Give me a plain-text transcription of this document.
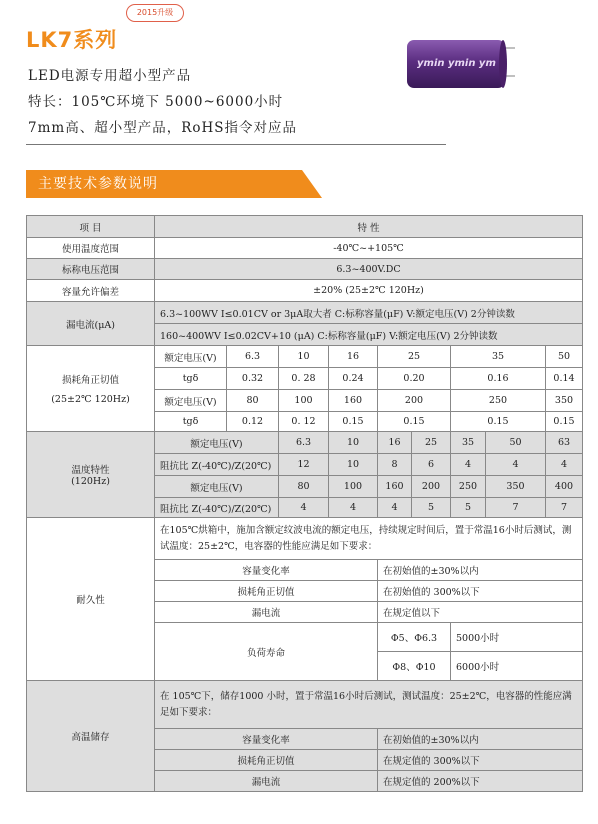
2015升级
LK7系列
LED电源专用超小型产品
特长：105℃环境下 5000~6000小时
7mm高、超小型产品，RoHS指令对应品
ymin ymin ym
主要技术参数说明
项 目	特 性									
使用温度范围	-40℃~+105℃									
标称电压范围	6.3~400V.DC									
容量允许偏差	±20% (25±2℃ 120Hz)									
漏电流(μA)	6.3~100WV I≤0.01CV or 3μA取大者 C:标称容量(μF) V:额定电压(V) 2分钟读数									
	160~400WV I≤0.02CV+10 (μA) C:标称容量(μF) V:额定电压(V) 2分钟读数									

损耗角正切值
(25±2℃ 120Hz)	额定电压(V)	6.3	10	16	25		35		50	
	tgδ	0.32	0. 28	0.24	0.20		0.16		0.14	
	额定电压(V)	80	100	160	200		250		350	
	tgδ	0.12	0. 12	0.15	0.15		0.15		0.15	

温度特性
(120Hz)	额定电压(V)		6.3	10	16	25	35	50	63	
	阻抗比 Z(-40℃)/Z(20℃)		12	10	8	6	4	4	4	
	额定电压(V)		80	100	160	200	250	350	400	
	阻抗比 Z(-40℃)/Z(20℃)		4	4	4	5	5	7	7	
耐久性	在105℃烘箱中，施加含额定纹波电流的额定电压，持续规定时间后，置于常温16小时后测试，测试温度：25±2℃，电容器的性能应满足如下要求：									
	容量变化率				在初始值的±30%以内					
	损耗角正切值				在初始值的 300%以下					
	漏电流				在规定值以下					
	负荷寿命				Φ5、Φ6.3		5000小时			
					Φ8、Φ10		6000小时			
高温储存	在 105℃下，储存1000 小时，置于常温16小时后测试，测试温度：25±2℃，电容器的性能应满足如下要求：									
	容量变化率				在初始值的±30%以内					
	损耗角正切值				在规定值的 300%以下					
	漏电流				在规定值的 200%以下					
